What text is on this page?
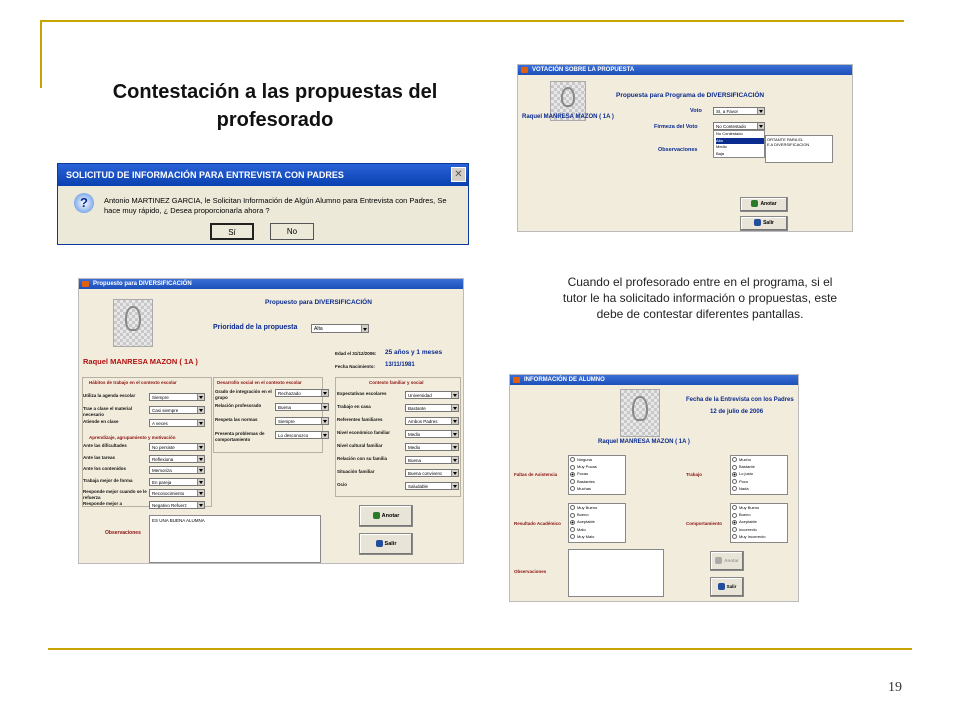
19
Contestación a las propuestas del profesorado
Cuando el profesorado entre en el programa, si el tutor le ha solicitado información o propuestas, este debe de contestar diferentes pantallas.
SOLICITUD DE INFORMACIÓN PARA ENTREVISTA CON PADRES	✕
?	Antonio MARTINEZ GARCIA, le Solicitan Información de Algún Alumno para Entrevista con Padres, Se hace muy rápido, ¿ Desea proporcionarla ahora ?
Sí	No
VOTACIÓN SOBRE LA PROPUESTA
Propuesta para Programa de DIVERSIFICACIÓN
Raquel MANRESA MAZON ( 1A )
Voto	SI, a Favor
Firmeza del Voto	No Contestado
No Contestado
Alta
Medio
Baja
ORTANTE PARA EL
E A DIVERSIFICACION
Observaciones
Anotar
Salir
Propuesto para DIVERSIFICACIÓN
Propuesto para DIVERSIFICACIÓN
Prioridad de la propuesta	Alta
Raquel MANRESA MAZON ( 1A )
Edad el 31/12/2006: 25 años y 1 meses
Fecha Nacimiento: 13/11/1981
Hábitos de trabajo en el contexto escolar	Desarrollo social en el contexto escolar	Contexto familiar y social
Aprendizaje, agrupamiento y motivación
Utiliza la agenda escolar	Siempre
Trae a clase el material necesario
Casi siempre
Atiende en clase	A veces
Ante las dificultades	No persiste
Ante las tareas	Reflexiona
Ante los contenidos	Memoriza
Trabaja mejor de forma	En pareja
Responde mejor cuando se le refuerza
Reconocimiento
Responde mejor a	Negativo Refuerz
Grado de integración en el grupo
Rechazado
Relación profesorado	Buena
Respeta las normas	Siempre
Presenta problemas de comportamiento
Lo desconozco
Expectativas escolares	Universidad
Trabajo en casa	Bastante
Referentes familiares	Ambos Padres
Nivel económico familiar	Medio
Nivel cultural familiar	Medio
Relación con su familia	Buena
Situación familiar	Buena convivenc
Ocio	Saludable
Observaciones
ES UNA BUENA ALUMNA
Anotar
Salir
INFORMACIÓN DE ALUMNO
Fecha de la Entrevista con los Padres
12 de julio de 2006
Raquel MANRESA MAZON ( 1A )
Faltas de Asistencia
Ninguna
Muy Pocas
Pocas
Bastantes
Muchas
Trabajo
Mucho
Bastante
Lo justo
Poco
Nada
Resultado Académico
Muy Bueno
Bueno
Aceptable
Malo
Muy Malo
Comportamiento
Muy Bueno
Bueno
Aceptable
Incorrecto
Muy Incorrecto
Observaciones
Anotar
Salir
